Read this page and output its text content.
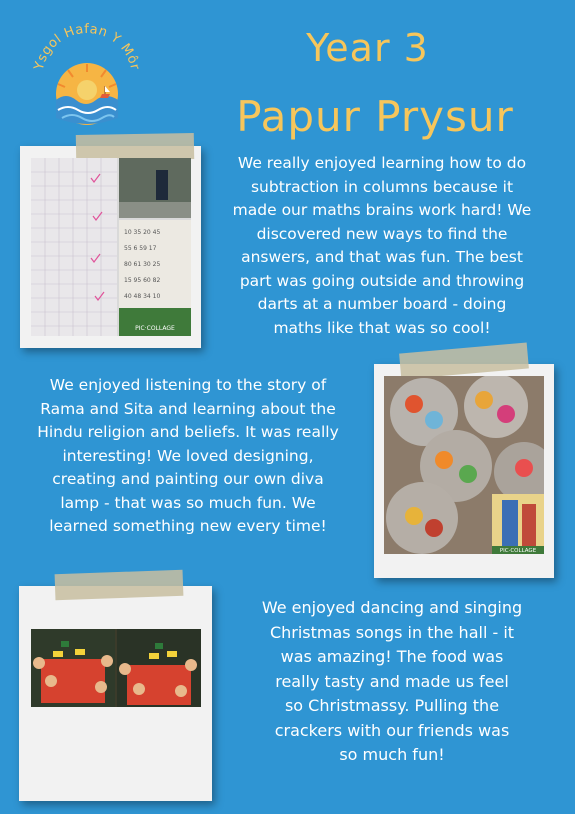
Ysgol Hafan Y Môr	Year 3
Papur Prysur
10 35 20 45
55 6 59 17
80 61 30 25
15 95 60 82
40 48 34 10
PIC·COLLAGE
We really enjoyed learning how to do
subtraction in columns because it
made our maths brains work hard! We
discovered new ways to find the
answers, and that was fun. The best
part was going outside and throwing
darts at a number board - doing
maths like that was so cool!
We enjoyed listening to the story of
Rama and Sita and learning about the
Hindu religion and beliefs. It was really
interesting! We loved designing,
creating and painting our own diva
lamp - that was so much fun. We
learned something new every time!
PIC·COLLAGE
We enjoyed dancing and singing
Christmas songs in the hall - it
was amazing! The food was
really tasty and made us feel
so Christmassy. Pulling the
crackers with our friends was
so much fun!
